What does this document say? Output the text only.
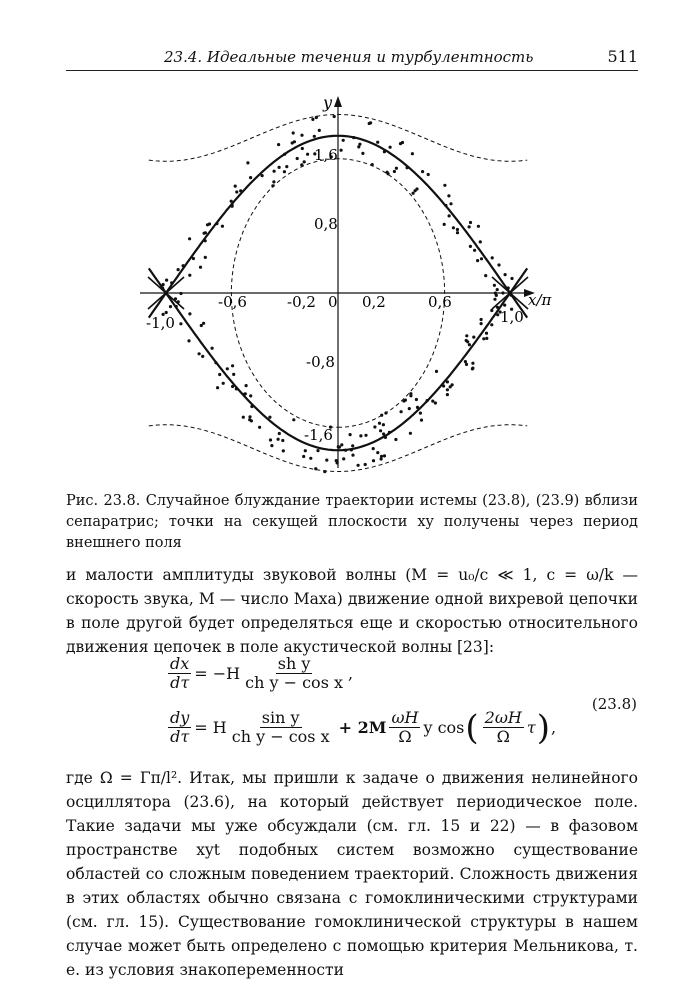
23.4. Идеальные течения и турбулентность	511
y
x/π
-1,0
-0,6	-0,2 0 0,2	0,6
1,0
1,6
0,8
-0,8
-1,6
Рис. 23.8. Случайное блуждание траектории истемы (23.8), (23.9) вблизи сепаратрис; точки на секущей плоскости xy получены через период внешнего поля
и малости амплитуды звуковой волны (M = u₀/c ≪ 1, c = ω/k — скорость звука, M — число Маха) движение одной вихревой цепочки в поле другой будет определяться еще и скоростью относительного движения цепочек в поле акустической волны [23]:
$\frac{dx}{d\tau} = -H \frac{\text{sh y}}{\text{ch y − cos x}}$ ,
$\frac{dy}{d\tau} = H \frac{\text{sin y}}{\text{ch y − cos x}} + 2M \frac{\omega H}{\Omega}$ y cos ( $\frac{2\omega H}{\Omega}$ τ ) ,
(23.8)
где Ω = Γπ/l². Итак, мы пришли к задаче о движения нелинейного осциллятора (23.6), на который действует периодическое поле. Такие задачи мы уже обсуждали (см. гл. 15 и 22) — в фазовом пространстве xyt подобных систем возможно существование областей со сложным поведением траекторий. Сложность движения в этих областях обычно связана с гомоклиническими структурами (см. гл. 15). Существование гомоклинической структуры в нашем случае может быть определено с помощью критерия Мельникова, т. е. из условия знакопеременности
